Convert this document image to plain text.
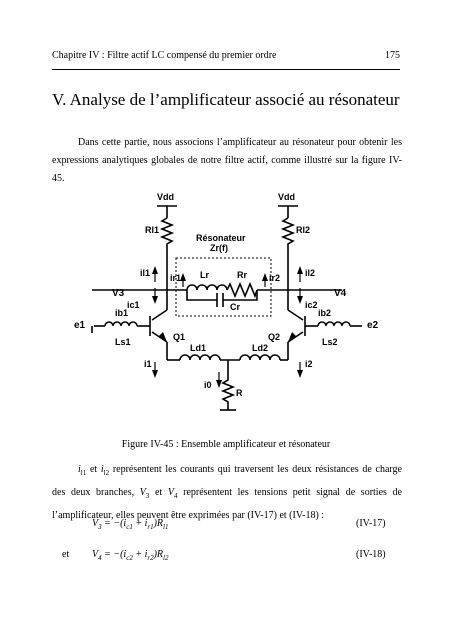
Chapitre IV : Filtre actif LC compensé du premier ordre	175
V. Analyse de l’amplificateur associé au résonateur
Dans cette partie, nous associons l’amplificateur au résonateur pour obtenir les expressions analytiques globales de notre filtre actif, comme illustré sur la figure IV-45.
Vdd	Vdd
Rl1	Rl2
Résonateur
Zr(f)
Lr	Rr
Cr
il1 ir1	ir2	il2
V3	V4
ic1
ib1
ic2
ib2
e1	e2
Ls1	Ls2
Q1	Q2
i1	i2
Ld1	Ld2
i0
R
Figure IV-45 : Ensemble amplificateur et résonateur
$i_{l1}$ et $i_{l2}$ représentent les courants qui traversent les deux résistances de charge des deux branches, $V_3$ et $V_4$ représentent les tensions petit signal de sorties de l’amplificateur, elles peuvent être exprimées par (IV-17) et (IV-18) :
$V_3 = -(i_{c1} + i_{r1})R_{l1}$	(IV-17)
et $V_4 = -(i_{c2} + i_{r2})R_{l2}$	(IV-18)
